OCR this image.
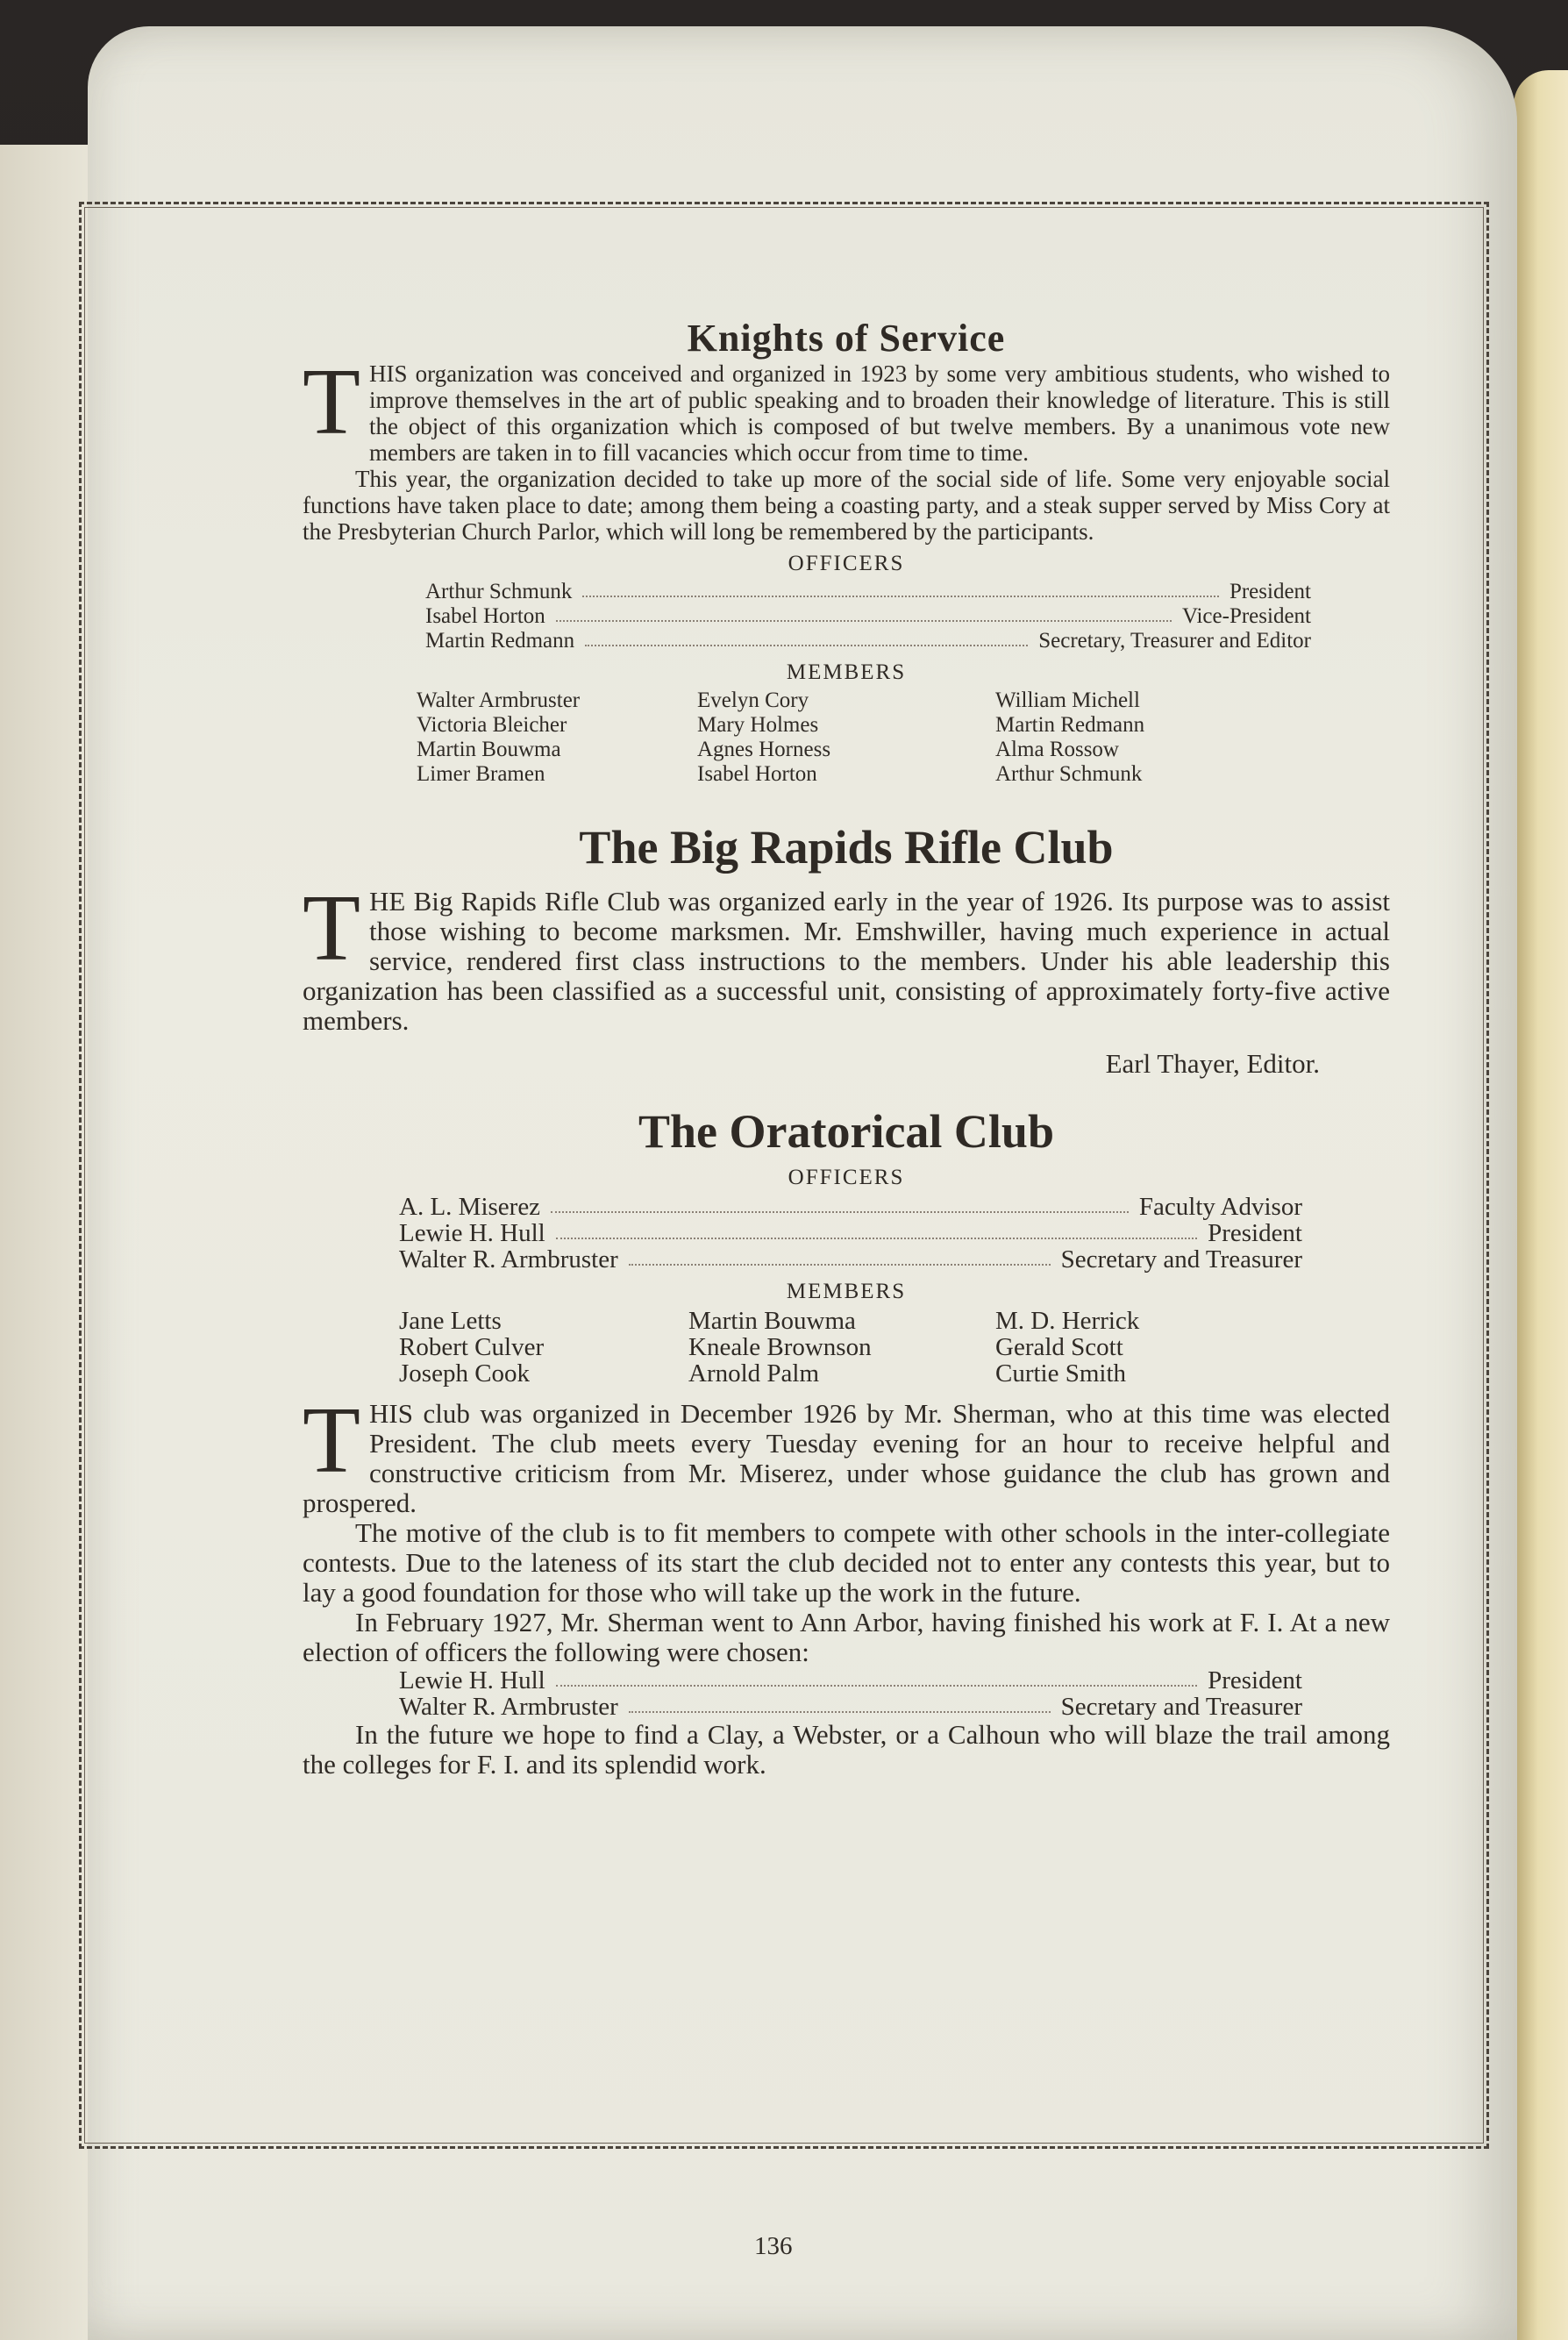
Knights of Service

THIS organization was conceived and organized in 1923 by some very ambitious students, who wished to improve themselves in the art of public speaking and to broaden their knowledge of literature. This is still the object of this organization which is composed of but twelve members. By a unanimous vote new members are taken in to fill vacancies which occur from time to time.

This year, the organization decided to take up more of the social side of life. Some very enjoyable social functions have taken place to date; among them being a coasting party, and a steak supper served by Miss Cory at the Presbyterian Church Parlor, which will long be remembered by the participants.

OFFICERS
Arthur Schmunk	President
Isabel Horton	Vice-President
Martin Redmann	Secretary, Treasurer and Editor
MEMBERS
Walter Armbruster	Evelyn Cory	William Michell
Victoria Bleicher	Mary Holmes	Martin Redmann
Martin Bouwma	Agnes Horness	Alma Rossow
Limer Bramen	Isabel Horton	Arthur Schmunk
The Big Rapids Rifle Club

THE Big Rapids Rifle Club was organized early in the year of 1926. Its purpose was to assist those wishing to become marksmen. Mr. Emshwiller, having much experience in actual service, rendered first class instructions to the members. Under his able leadership this organization has been classified as a successful unit, consisting of approximately forty-five active members.

Earl Thayer, Editor.
The Oratorical Club
OFFICERS
A. L. Miserez	Faculty Advisor
Lewie H. Hull	President
Walter R. Armbruster	Secretary and Treasurer
MEMBERS
Jane Letts	Martin Bouwma	M. D. Herrick
Robert Culver	Kneale Brownson	Gerald Scott
Joseph Cook	Arnold Palm	Curtie Smith

THIS club was organized in December 1926 by Mr. Sherman, who at this time was elected President. The club meets every Tuesday evening for an hour to receive helpful and constructive criticism from Mr. Miserez, under whose guidance the club has grown and prospered.

The motive of the club is to fit members to compete with other schools in the inter-collegiate contests. Due to the lateness of its start the club decided not to enter any contests this year, but to lay a good foundation for those who will take up the work in the future.

In February 1927, Mr. Sherman went to Ann Arbor, having finished his work at F. I. At a new election of officers the following were chosen:

Lewie H. Hull	President
Walter R. Armbruster	Secretary and Treasurer

In the future we hope to find a Clay, a Webster, or a Calhoun who will blaze the trail among the colleges for F. I. and its splendid work.

136
